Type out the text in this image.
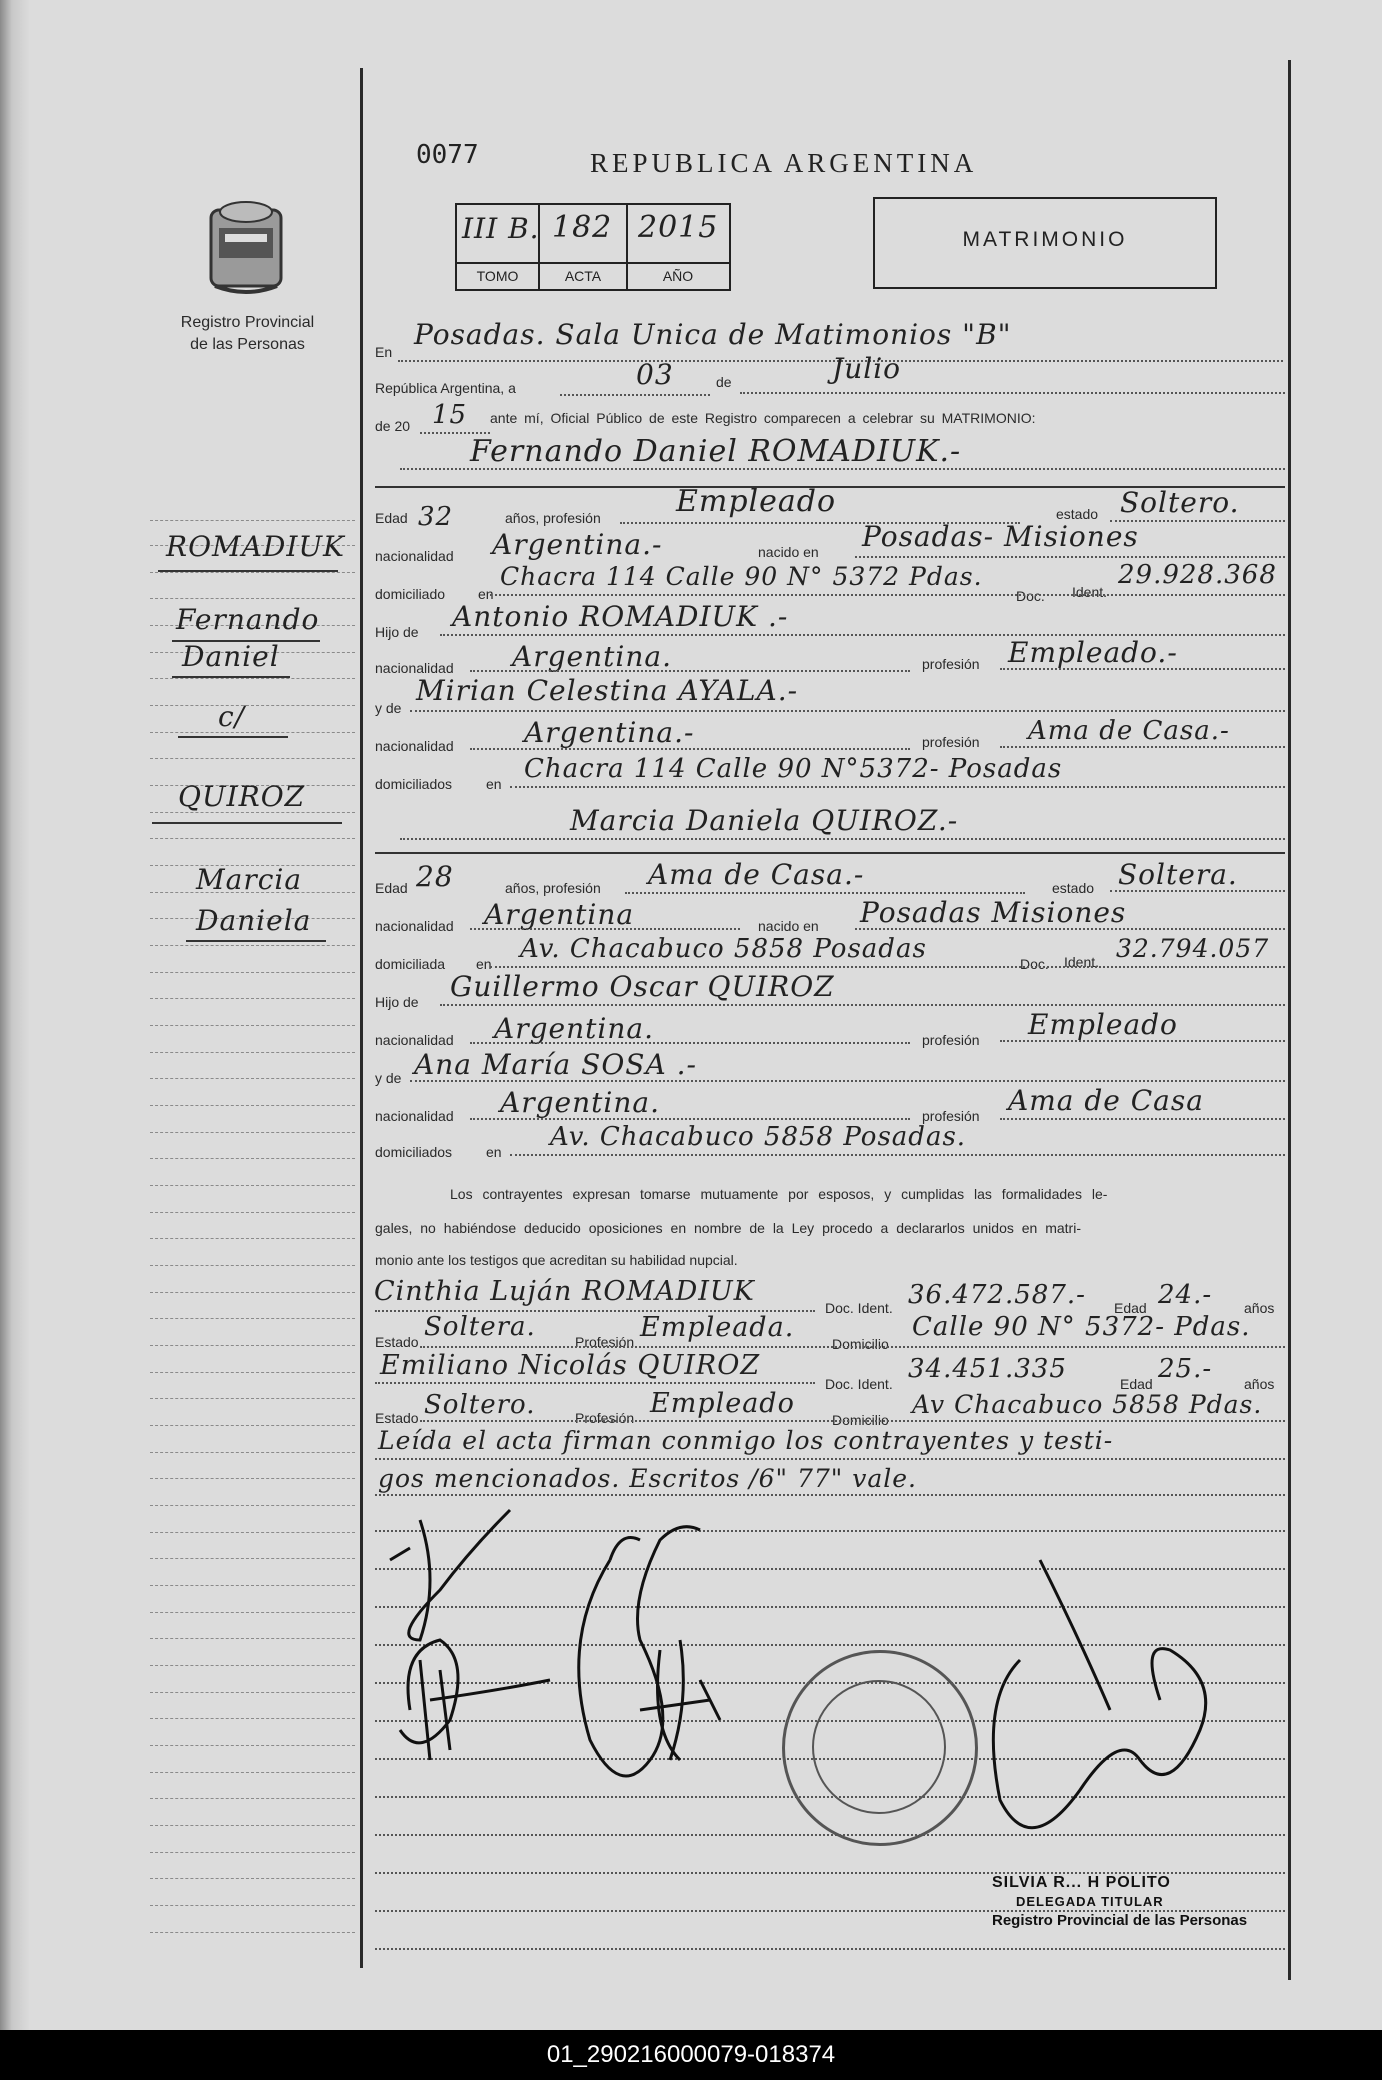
Registro Provincial
de las Personas
0077	REPUBLICA ARGENTINA
III B. 182 2015
TOMO	ACTA	AÑO
MATRIMONIO
ROMADIUK
Fernando
Daniel
c/
QUIROZ
Marcia
Daniela
En
Posadas. Sala Unica de Matimonios "B"
República Argentina, a	03	de	Julio
de 20 15 ante mí, Oficial Público de este Registro comparecen a celebrar su MATRIMONIO:
Fernando Daniel ROMADIUK.-
Edad 32	años, profesión	Empleado	estado Soltero.
nacionalidad Argentina.-	nacido en Posadas- Misiones
domiciliado en
Chacra 114 Calle 90 N° 5372 Pdas.
Doc. Ident.
29.928.368
Hijo de Antonio ROMADIUK .-
nacionalidad Argentina.	profesión Empleado.-
y de
Mirian Celestina AYALA.-
nacionalidad	Argentina.-	profesión Ama de Casa.-
domiciliados en Chacra 114 Calle 90 N°5372- Posadas
Marcia Daniela QUIROZ.-
Edad 28	años, profesión Ama de Casa.-	estado Soltera.
nacionalidad Argentina	nacido en Posadas Misiones
domiciliada en Av. Chacabuco 5858 Posadas	Doc. Ident. 32.794.057
Hijo de Guillermo Oscar QUIROZ
nacionalidad Argentina.	profesión Empleado
y de Ana María SOSA .-
nacionalidad Argentina.	profesión Ama de Casa
domiciliados en Av. Chacabuco 5858 Posadas.
Los contrayentes expresan tomarse mutuamente por esposos, y cumplidas las formalidades le-
gales, no habiéndose deducido oposiciones en nombre de la Ley procedo a declararlos unidos en matri-
monio ante los testigos que acreditan su habilidad nupcial.
Cinthia Luján ROMADIUK
Doc. Ident. 36.472.587.- Edad 24.- años
Estado Soltera.	Profesión Empleada.
Domicilio
Calle 90 N° 5372- Pdas.
Emiliano Nicolás QUIROZ
Doc. Ident. 34.451.335	Edad 25.- años
Estado Soltero.	Profesión Empleado
Domicilio
Av Chacabuco 5858 Pdas.
Leída el acta firman conmigo los contrayentes y testi-
gos mencionados. Escritos /6" 77" vale.
SILVIA R... H POLITO
DELEGADA TITULAR
Registro Provincial de las Personas
01_290216000079-018374
